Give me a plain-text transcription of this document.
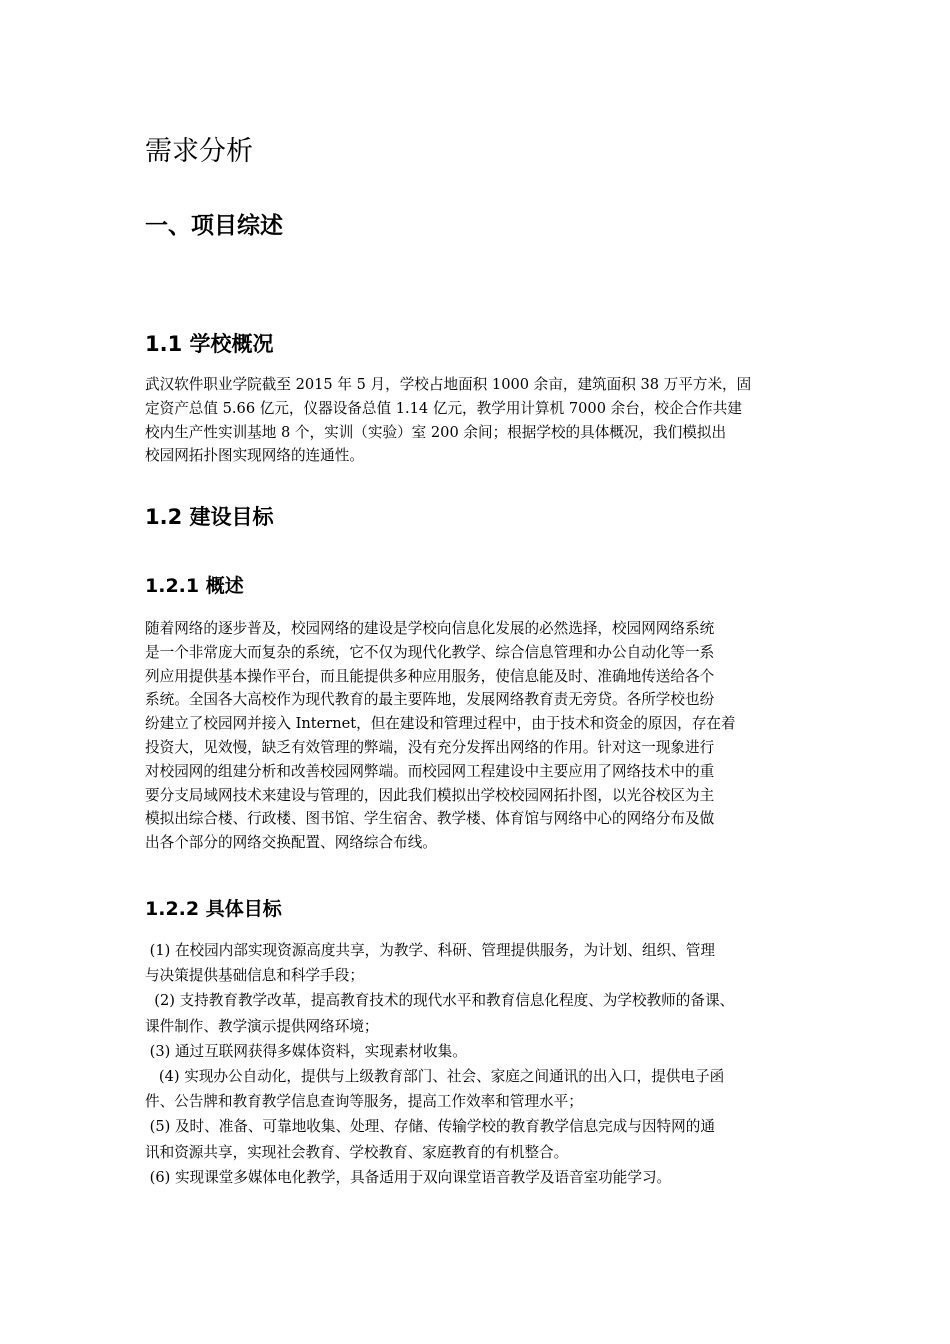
需求分析
一、项目综述
1.1 学校概况

武汉软件职业学院截至 2015 年 5 月，学校占地面积 1000 余亩，建筑面积 38 万平方米，固
定资产总值 5.66 亿元，仪器设备总值 1.14 亿元，教学用计算机 7000 余台，校企合作共建
校内生产性实训基地 8 个，实训（实验）室 200 余间；根据学校的具体概况，我们模拟出
校园网拓扑图实现网络的连通性。

1.2 建设目标
1.2.1 概述

随着网络的逐步普及，校园网络的建设是学校向信息化发展的必然选择，校园网网络系统
是一个非常庞大而复杂的系统，它不仅为现代化教学、综合信息管理和办公自动化等一系
列应用提供基本操作平台，而且能提供多种应用服务，使信息能及时、准确地传送给各个
系统。全国各大高校作为现代教育的最主要阵地，发展网络教育责无旁贷。各所学校也纷
纷建立了校园网并接入 Internet，但在建设和管理过程中，由于技术和资金的原因，存在着
投资大，见效慢，缺乏有效管理的弊端，没有充分发挥出网络的作用。针对这一现象进行
对校园网的组建分析和改善校园网弊端。而校园网工程建设中主要应用了网络技术中的重
要分支局域网技术来建设与管理的，因此我们模拟出学校校园网拓扑图，以光谷校区为主
模拟出综合楼、行政楼、图书馆、学生宿舍、教学楼、体育馆与网络中心的网络分布及做
出各个部分的网络交换配置、网络综合布线。

1.2.2 具体目标
(1) 在校园内部实现资源高度共享，为教学、科研、管理提供服务，为计划、组织、管理
与决策提供基础信息和科学手段；
(2) 支持教育教学改革，提高教育技术的现代水平和教育信息化程度、为学校教师的备课、
课件制作、教学演示提供网络环境；
(3) 通过互联网获得多媒体资料，实现素材收集。
(4) 实现办公自动化，提供与上级教育部门、社会、家庭之间通讯的出入口，提供电子函
件、公告牌和教育教学信息查询等服务，提高工作效率和管理水平；
(5) 及时、准备、可靠地收集、处理、存储、传输学校的教育教学信息完成与因特网的通
讯和资源共享，实现社会教育、学校教育、家庭教育的有机整合。
(6) 实现课堂多媒体电化教学，具备适用于双向课堂语音教学及语音室功能学习。
